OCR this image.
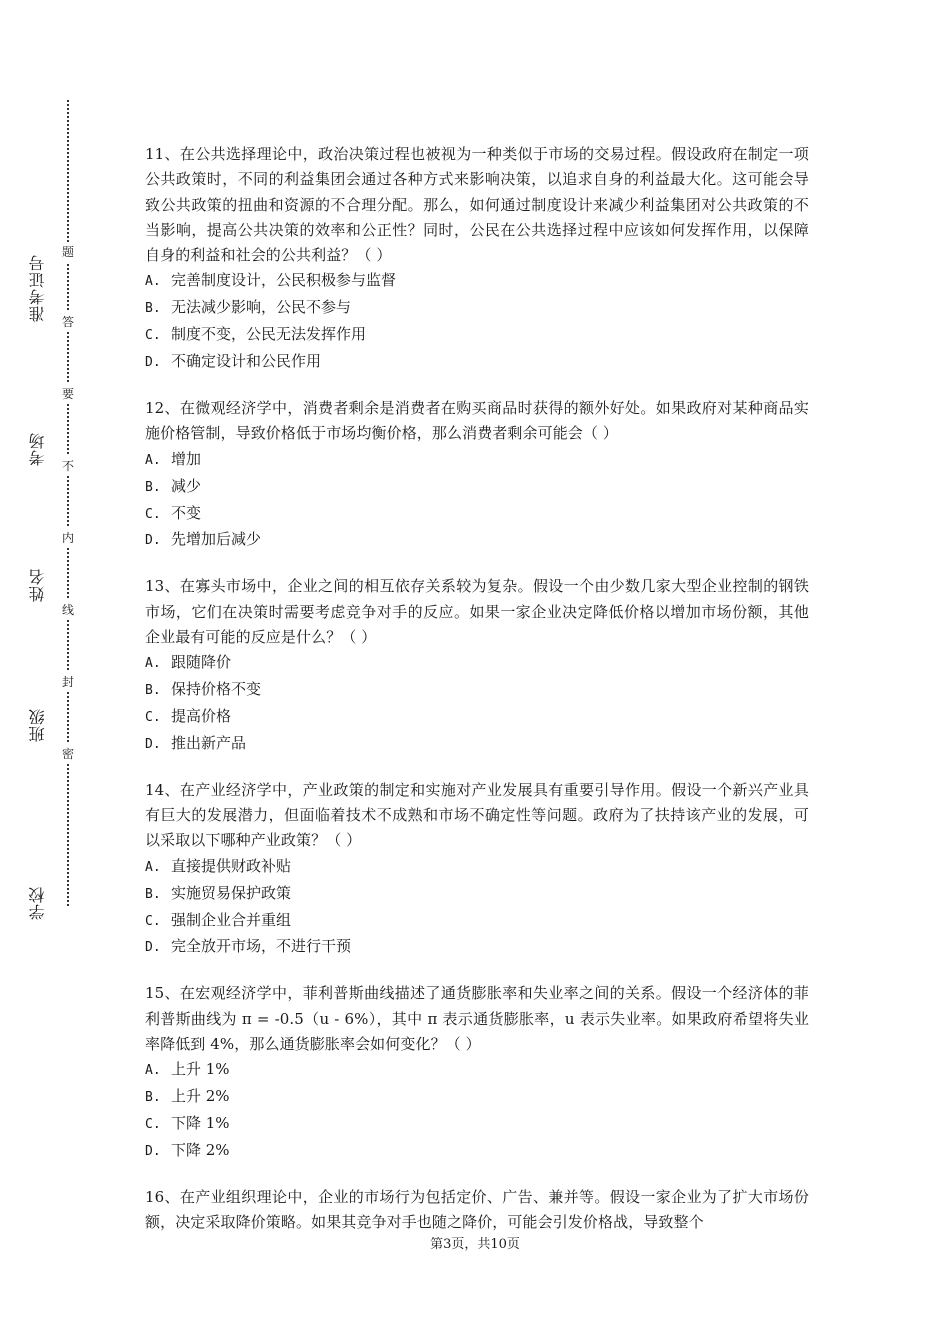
准考证号
考场
姓名
班级
学校
题
答
要
不
内
线
封
密

11、在公共选择理论中，政治决策过程也被视为一种类似于市场的交易过程。假设政府在制定一项公共政策时，不同的利益集团会通过各种方式来影响决策，以追求自身的利益最大化。这可能会导致公共政策的扭曲和资源的不合理分配。那么，如何通过制度设计来减少利益集团对公共政策的不当影响，提高公共决策的效率和公正性？同时，公民在公共选择过程中应该如何发挥作用，以保障自身的利益和社会的公共利益？（ ）

A. 完善制度设计，公民积极参与监督
B. 无法减少影响，公民不参与
C. 制度不变，公民无法发挥作用
D. 不确定设计和公民作用

12、在微观经济学中，消费者剩余是消费者在购买商品时获得的额外好处。如果政府对某种商品实施价格管制，导致价格低于市场均衡价格，那么消费者剩余可能会（ ）

A. 增加
B. 减少
C. 不变
D. 先增加后减少

13、在寡头市场中，企业之间的相互依存关系较为复杂。假设一个由少数几家大型企业控制的钢铁市场，它们在决策时需要考虑竞争对手的反应。如果一家企业决定降低价格以增加市场份额，其他企业最有可能的反应是什么？（ ）

A. 跟随降价
B. 保持价格不变
C. 提高价格
D. 推出新产品

14、在产业经济学中，产业政策的制定和实施对产业发展具有重要引导作用。假设一个新兴产业具有巨大的发展潜力，但面临着技术不成熟和市场不确定性等问题。政府为了扶持该产业的发展，可以采取以下哪种产业政策？（ ）

A. 直接提供财政补贴
B. 实施贸易保护政策
C. 强制企业合并重组
D. 完全放开市场，不进行干预

15、在宏观经济学中，菲利普斯曲线描述了通货膨胀率和失业率之间的关系。假设一个经济体的菲利普斯曲线为 π = -0.5（u - 6%），其中 π 表示通货膨胀率，u 表示失业率。如果政府希望将失业率降低到 4%，那么通货膨胀率会如何变化？（ ）

A. 上升 1%
B. 上升 2%
C. 下降 1%
D. 下降 2%

16、在产业组织理论中，企业的市场行为包括定价、广告、兼并等。假设一家企业为了扩大市场份额，决定采取降价策略。如果其竞争对手也随之降价，可能会引发价格战，导致整个

第3页，共10页
